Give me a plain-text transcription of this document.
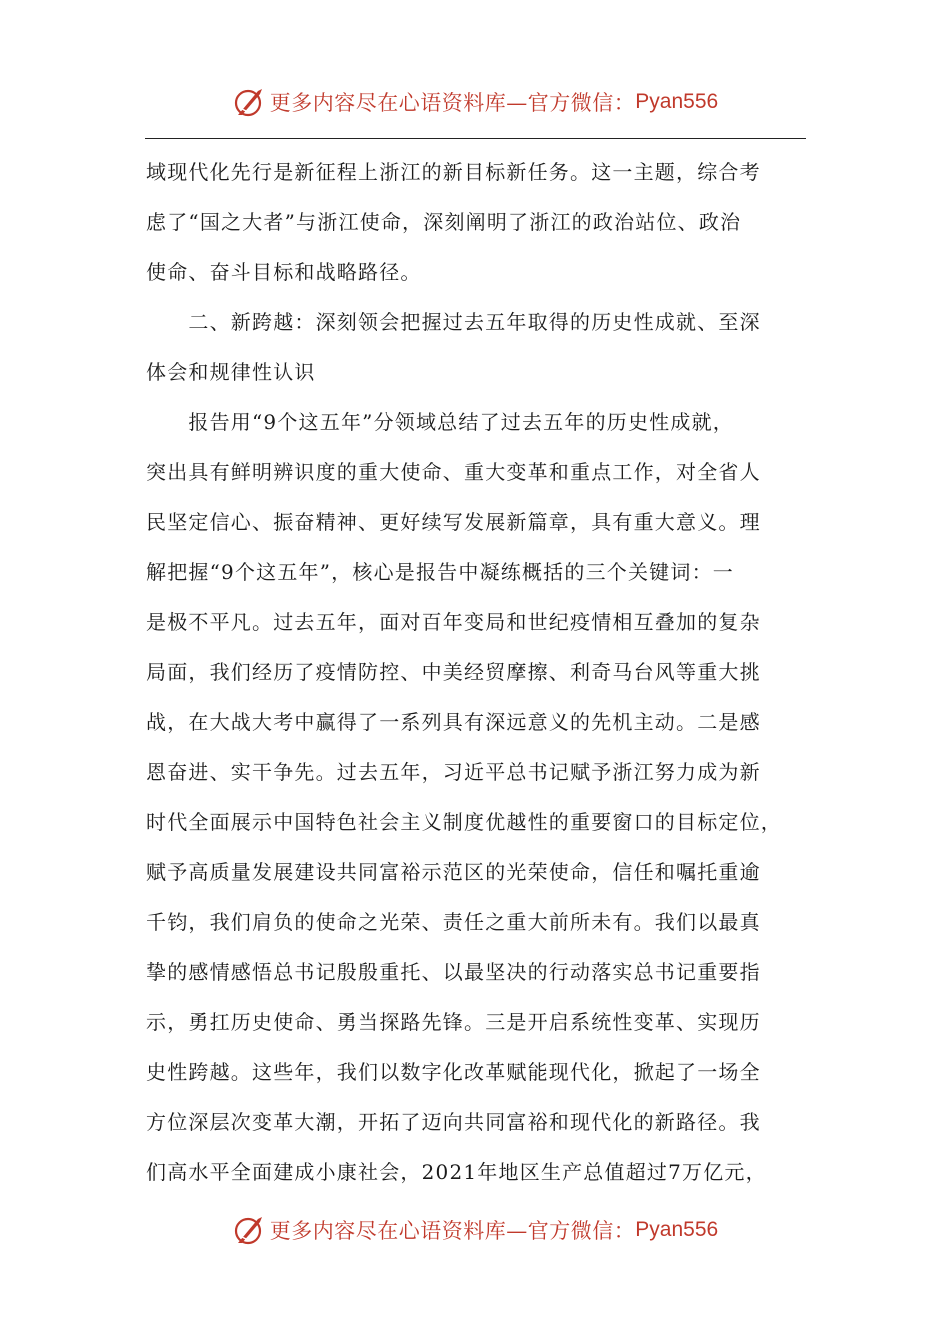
更多内容尽在心语资料库—官方微信： Pyan556
域现代化先行是新征程上浙江的新目标新任务。这一主题，综合考
虑了“国之大者”与浙江使命，深刻阐明了浙江的政治站位、政治
使命、奋斗目标和战略路径。
　　二、新跨越：深刻领会把握过去五年取得的历史性成就、至深
体会和规律性认识
　　报告用“9个这五年”分领域总结了过去五年的历史性成就，
突出具有鲜明辨识度的重大使命、重大变革和重点工作，对全省人
民坚定信心、振奋精神、更好续写发展新篇章，具有重大意义。理
解把握“9个这五年”，核心是报告中凝练概括的三个关键词：一
是极不平凡。过去五年，面对百年变局和世纪疫情相互叠加的复杂
局面，我们经历了疫情防控、中美经贸摩擦、利奇马台风等重大挑
战，在大战大考中赢得了一系列具有深远意义的先机主动。二是感
恩奋进、实干争先。过去五年，习近平总书记赋予浙江努力成为新
时代全面展示中国特色社会主义制度优越性的重要窗口的目标定位，
赋予高质量发展建设共同富裕示范区的光荣使命，信任和嘱托重逾
千钧，我们肩负的使命之光荣、责任之重大前所未有。我们以最真
挚的感情感悟总书记殷殷重托、以最坚决的行动落实总书记重要指
示，勇扛历史使命、勇当探路先锋。三是开启系统性变革、实现历
史性跨越。这些年，我们以数字化改革赋能现代化，掀起了一场全
方位深层次变革大潮，开拓了迈向共同富裕和现代化的新路径。我
们高水平全面建成小康社会，2021年地区生产总值超过7万亿元，
更多内容尽在心语资料库—官方微信： Pyan556
